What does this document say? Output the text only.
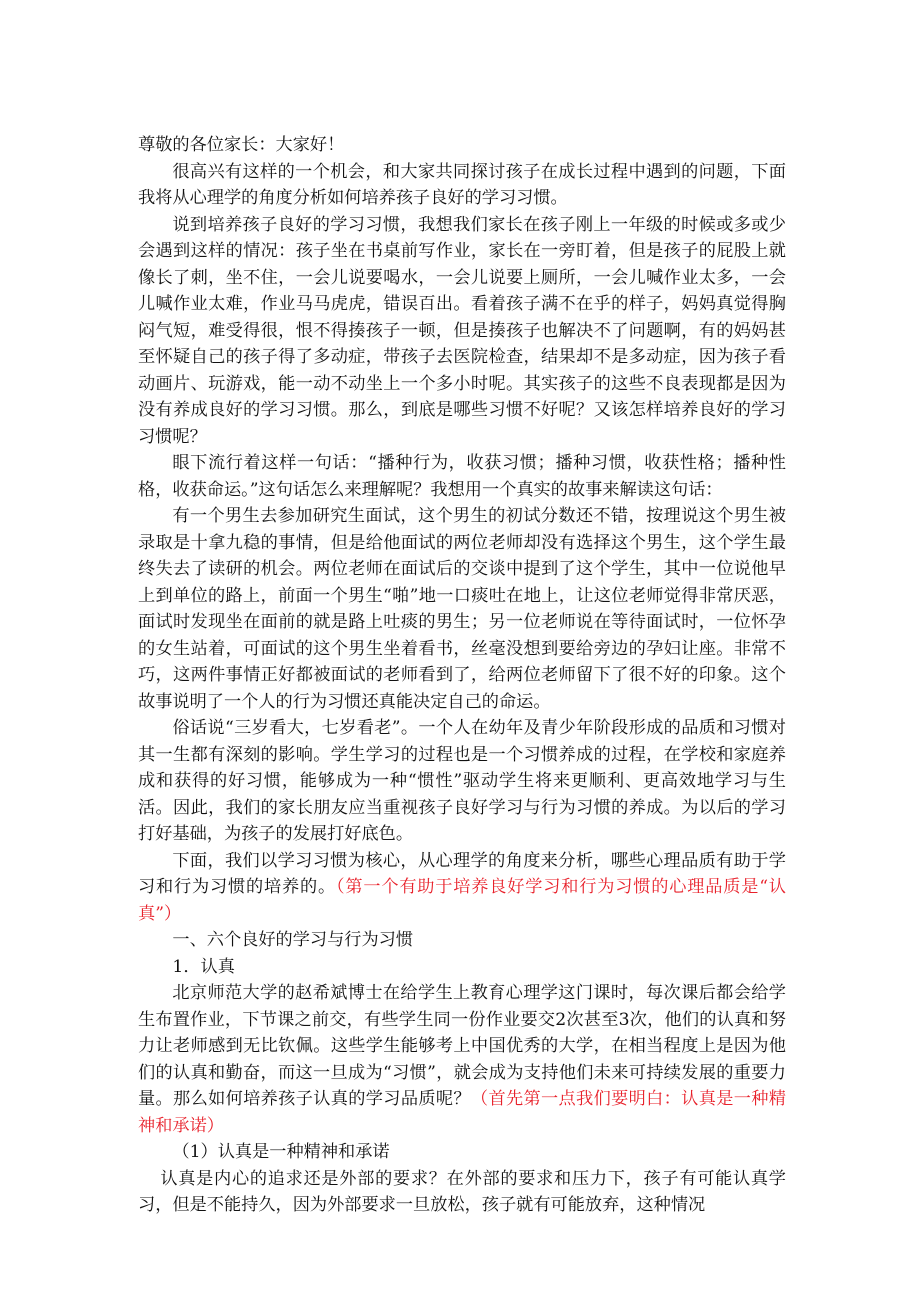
尊敬的各位家长：大家好！

很高兴有这样的一个机会，和大家共同探讨孩子在成长过程中遇到的问题，下面我将从心理学的角度分析如何培养孩子良好的学习习惯。

说到培养孩子良好的学习习惯，我想我们家长在孩子刚上一年级的时候或多或少会遇到这样的情况：孩子坐在书桌前写作业，家长在一旁盯着，但是孩子的屁股上就像长了刺，坐不住，一会儿说要喝水，一会儿说要上厕所，一会儿喊作业太多，一会儿喊作业太难，作业马马虎虎，错误百出。看着孩子满不在乎的样子，妈妈真觉得胸闷气短，难受得很，恨不得揍孩子一顿，但是揍孩子也解决不了问题啊，有的妈妈甚至怀疑自己的孩子得了多动症，带孩子去医院检查，结果却不是多动症，因为孩子看动画片、玩游戏，能一动不动坐上一个多小时呢。其实孩子的这些不良表现都是因为没有养成良好的学习习惯。那么，到底是哪些习惯不好呢？又该怎样培养良好的学习习惯呢？

眼下流行着这样一句话：“播种行为，收获习惯；播种习惯，收获性格；播种性格，收获命运。”这句话怎么来理解呢？我想用一个真实的故事来解读这句话：

有一个男生去参加研究生面试，这个男生的初试分数还不错，按理说这个男生被录取是十拿九稳的事情，但是给他面试的两位老师却没有选择这个男生，这个学生最终失去了读研的机会。两位老师在面试后的交谈中提到了这个学生，其中一位说他早上到单位的路上，前面一个男生“啪”地一口痰吐在地上，让这位老师觉得非常厌恶，面试时发现坐在面前的就是路上吐痰的男生；另一位老师说在等待面试时，一位怀孕的女生站着，可面试的这个男生坐着看书，丝毫没想到要给旁边的孕妇让座。非常不巧，这两件事情正好都被面试的老师看到了，给两位老师留下了很不好的印象。这个故事说明了一个人的行为习惯还真能决定自己的命运。

俗话说“三岁看大，七岁看老”。一个人在幼年及青少年阶段形成的品质和习惯对其一生都有深刻的影响。学生学习的过程也是一个习惯养成的过程，在学校和家庭养成和获得的好习惯，能够成为一种“惯性”驱动学生将来更顺利、更高效地学习与生活。因此，我们的家长朋友应当重视孩子良好学习与行为习惯的养成。为以后的学习打好基础，为孩子的发展打好底色。

下面，我们以学习习惯为核心，从心理学的角度来分析，哪些心理品质有助于学习和行为习惯的培养的。（第一个有助于培养良好学习和行为习惯的心理品质是“认真”）

一、六个良好的学习与行为习惯

1．认真

北京师范大学的赵希斌博士在给学生上教育心理学这门课时，每次课后都会给学生布置作业，下节课之前交，有些学生同一份作业要交2次甚至3次，他们的认真和努力让老师感到无比钦佩。这些学生能够考上中国优秀的大学，在相当程度上是因为他们的认真和勤奋，而这一旦成为“习惯”，就会成为支持他们未来可持续发展的重要力量。那么如何培养孩子认真的学习品质呢？（首先第一点我们要明白：认真是一种精神和承诺）

（1）认真是一种精神和承诺

认真是内心的追求还是外部的要求？在外部的要求和压力下，孩子有可能认真学习，但是不能持久，因为外部要求一旦放松，孩子就有可能放弃，这种情况
